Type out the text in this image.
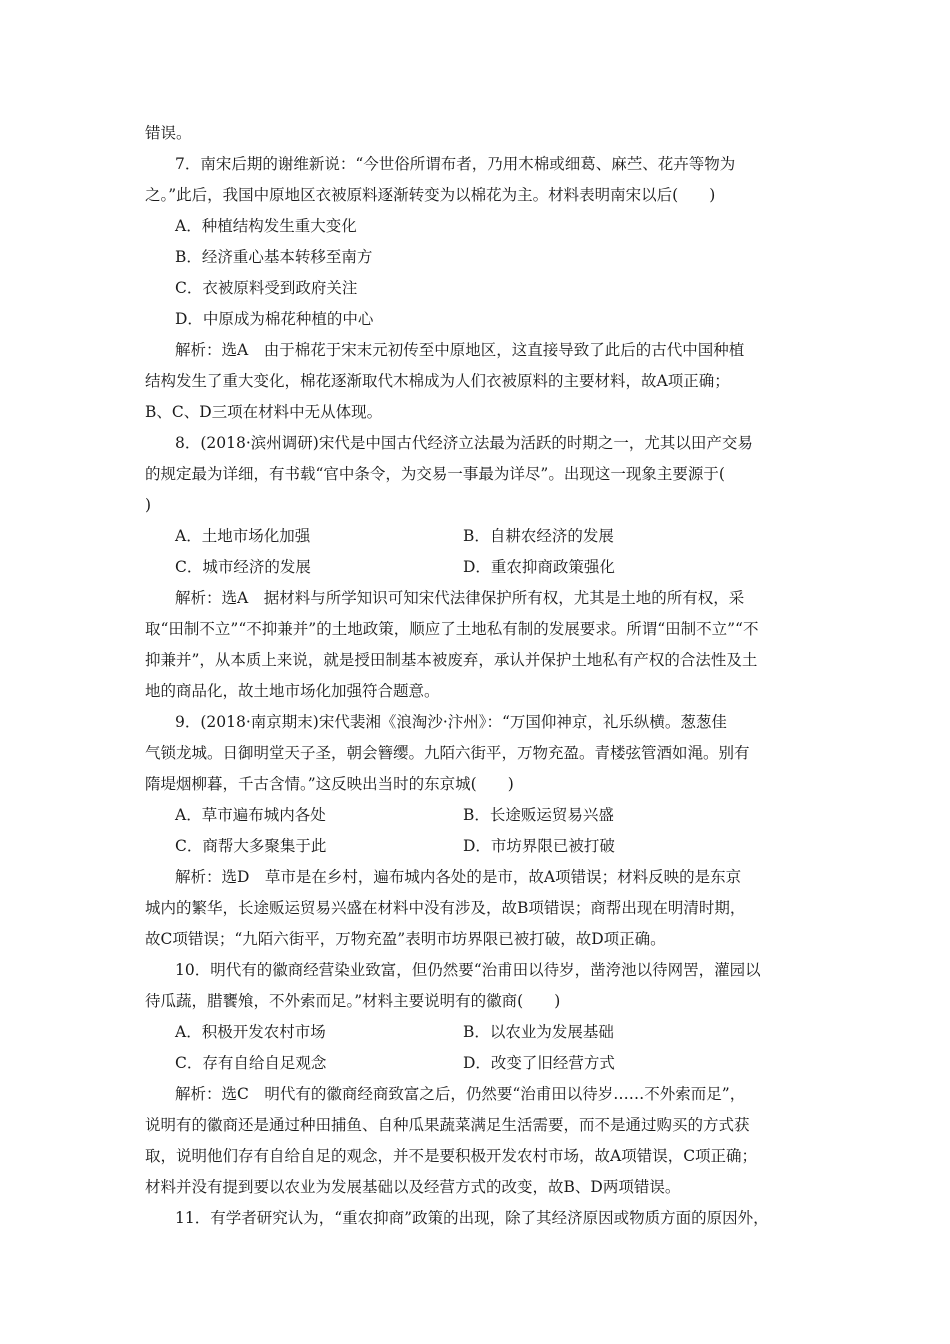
错误。
7．南宋后期的谢维新说：“今世俗所谓布者，乃用木棉或细葛、麻苎、花卉等物为
之。”此后，我国中原地区衣被原料逐渐转变为以棉花为主。材料表明南宋以后(　　)
A．种植结构发生重大变化
B．经济重心基本转移至南方
C．衣被原料受到政府关注
D．中原成为棉花种植的中心
解析：选A　由于棉花于宋末元初传至中原地区，这直接导致了此后的古代中国种植
结构发生了重大变化，棉花逐渐取代木棉成为人们衣被原料的主要材料，故A项正确；
B、C、D三项在材料中无从体现。
8．(2018·滨州调研)宋代是中国古代经济立法最为活跃的时期之一，尤其以田产交易
的规定最为详细，有书载“官中条令，为交易一事最为详尽”。出现这一现象主要源于(
)
A．土地市场化加强	B．自耕农经济的发展
C．城市经济的发展	D．重农抑商政策强化
解析：选A　据材料与所学知识可知宋代法律保护所有权，尤其是土地的所有权，采
取“田制不立”“不抑兼并”的土地政策，顺应了土地私有制的发展要求。所谓“田制不立”“不
抑兼并”，从本质上来说，就是授田制基本被废弃，承认并保护土地私有产权的合法性及土
地的商品化，故土地市场化加强符合题意。
9．(2018·南京期末)宋代裴湘《浪淘沙·汴州》：“万国仰神京，礼乐纵横。葱葱佳
气锁龙城。日御明堂天子圣，朝会簪缨。九陌六街平，万物充盈。青楼弦管酒如渑。别有
隋堤烟柳暮，千古含情。”这反映出当时的东京城(　　)
A．草市遍布城内各处	B．长途贩运贸易兴盛
C．商帮大多聚集于此	D．市坊界限已被打破
解析：选D　草市是在乡村，遍布城内各处的是市，故A项错误；材料反映的是东京
城内的繁华，长途贩运贸易兴盛在材料中没有涉及，故B项错误；商帮出现在明清时期，
故C项错误；“九陌六街平，万物充盈”表明市坊界限已被打破，故D项正确。
10．明代有的徽商经营染业致富，但仍然要“治甫田以待岁，凿洿池以待网罟，灌园以
待瓜蔬，腊饔飧，不外索而足。”材料主要说明有的徽商(　　)
A．积极开发农村市场	B．以农业为发展基础
C．存有自给自足观念	D．改变了旧经营方式
解析：选C　明代有的徽商经商致富之后，仍然要“治甫田以待岁……不外索而足”，
说明有的徽商还是通过种田捕鱼、自种瓜果蔬菜满足生活需要，而不是通过购买的方式获
取，说明他们存有自给自足的观念，并不是要积极开发农村市场，故A项错误，C项正确；
材料并没有提到要以农业为发展基础以及经营方式的改变，故B、D两项错误。
11．有学者研究认为，“重农抑商”政策的出现，除了其经济原因或物质方面的原因外，
